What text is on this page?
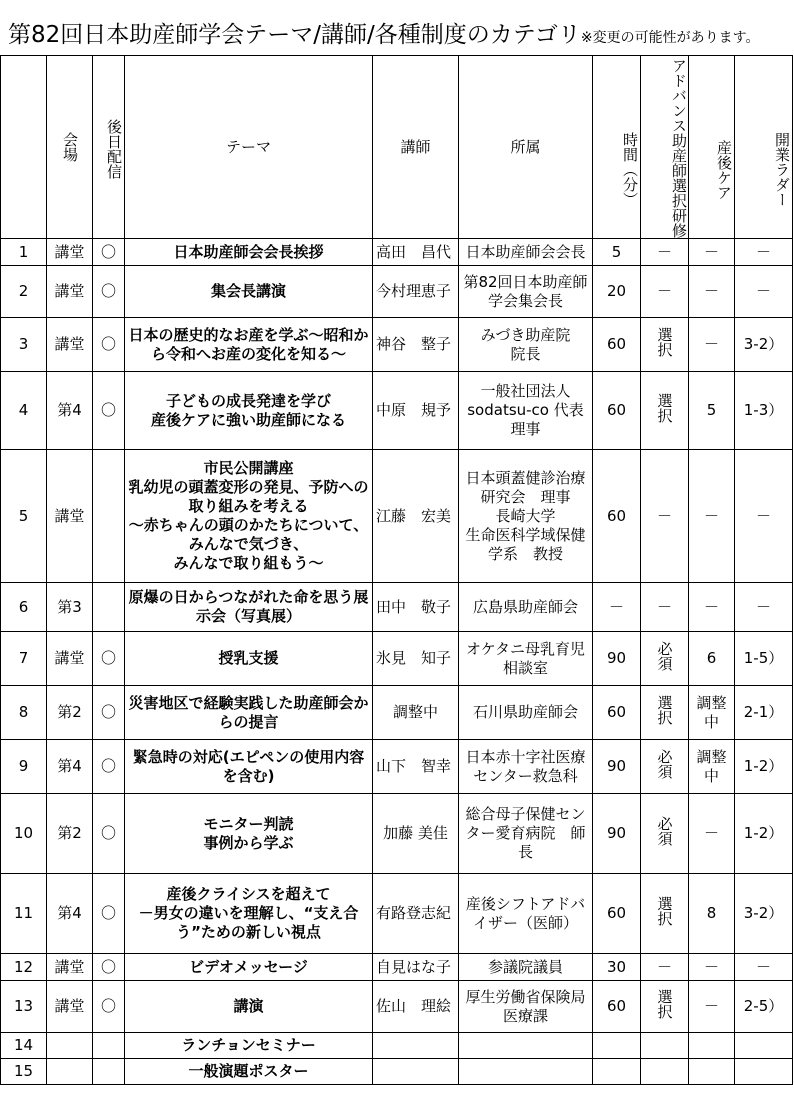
第82回日本助産師学会テーマ/講師/各種制度のカテゴリ※変更の可能性があります。
	会場	後日配信	テーマ	講師	所属	時間（分）	アドバンス助産師選択研修	産後ケア	開業ラダー
1	講堂	〇	日本助産師会会長挨拶	高田　昌代	日本助産師会会長	5	－	－	－
2	講堂	〇	集会長講演	今村理恵子	第82回日本助産師学会集会長	20	－	－	－
3	講堂	〇	日本の歴史的なお産を学ぶ～昭和から令和へお産の変化を知る～	神谷　整子	みづき助産院
院長	60	選択	－	3-2）
4	第4	〇	子どもの成長発達を学び
産後ケアに強い助産師になる	中原　規予	一般社団法人
sodatsu-co 代表理事	60	選択	5	1-3）
5	講堂		市民公開講座
乳幼児の頭蓋変形の発見、予防への取り組みを考える
～赤ちゃんの頭のかたちについて、みんなで気づき、
みんなで取り組もう～	江藤　宏美	日本頭蓋健診治療
研究会　理事
長崎大学
生命医科学域保健
学系　教授	60	－	－	－
6	第3		原爆の日からつながれた命を思う展示会（写真展）	田中　敬子	広島県助産師会	－	－	－	－
7	講堂	〇	授乳支援	氷見　知子	オケタニ母乳育児
相談室	90	必須	6	1-5）
8	第2	〇	災害地区で経験実践した助産師会からの提言	調整中	石川県助産師会	60	選択	調整中	2-1）
9	第4	〇	緊急時の対応(エピペンの使用内容を含む)	山下　智幸	日本赤十字社医療
センター救急科	90	必須	調整中	1-2）
10	第2	〇	モニター判読
事例から学ぶ	加藤 美佳	総合母子保健センター愛育病院　師長	90	必須	－	1-2）
11	第4	〇	産後クライシスを超えて
－男女の違いを理解し、“支え合う”ための新しい視点	有路登志紀	産後シフトアドバイザー（医師）	60	選択	8	3-2）
12	講堂	〇	ビデオメッセージ	自見はな子	参議院議員	30	－	－	－
13	講堂	〇	講演	佐山　理絵	厚生労働省保険局
医療課	60	選択	－	2-5）
14			ランチョンセミナー						
15			一般演題ポスター						
